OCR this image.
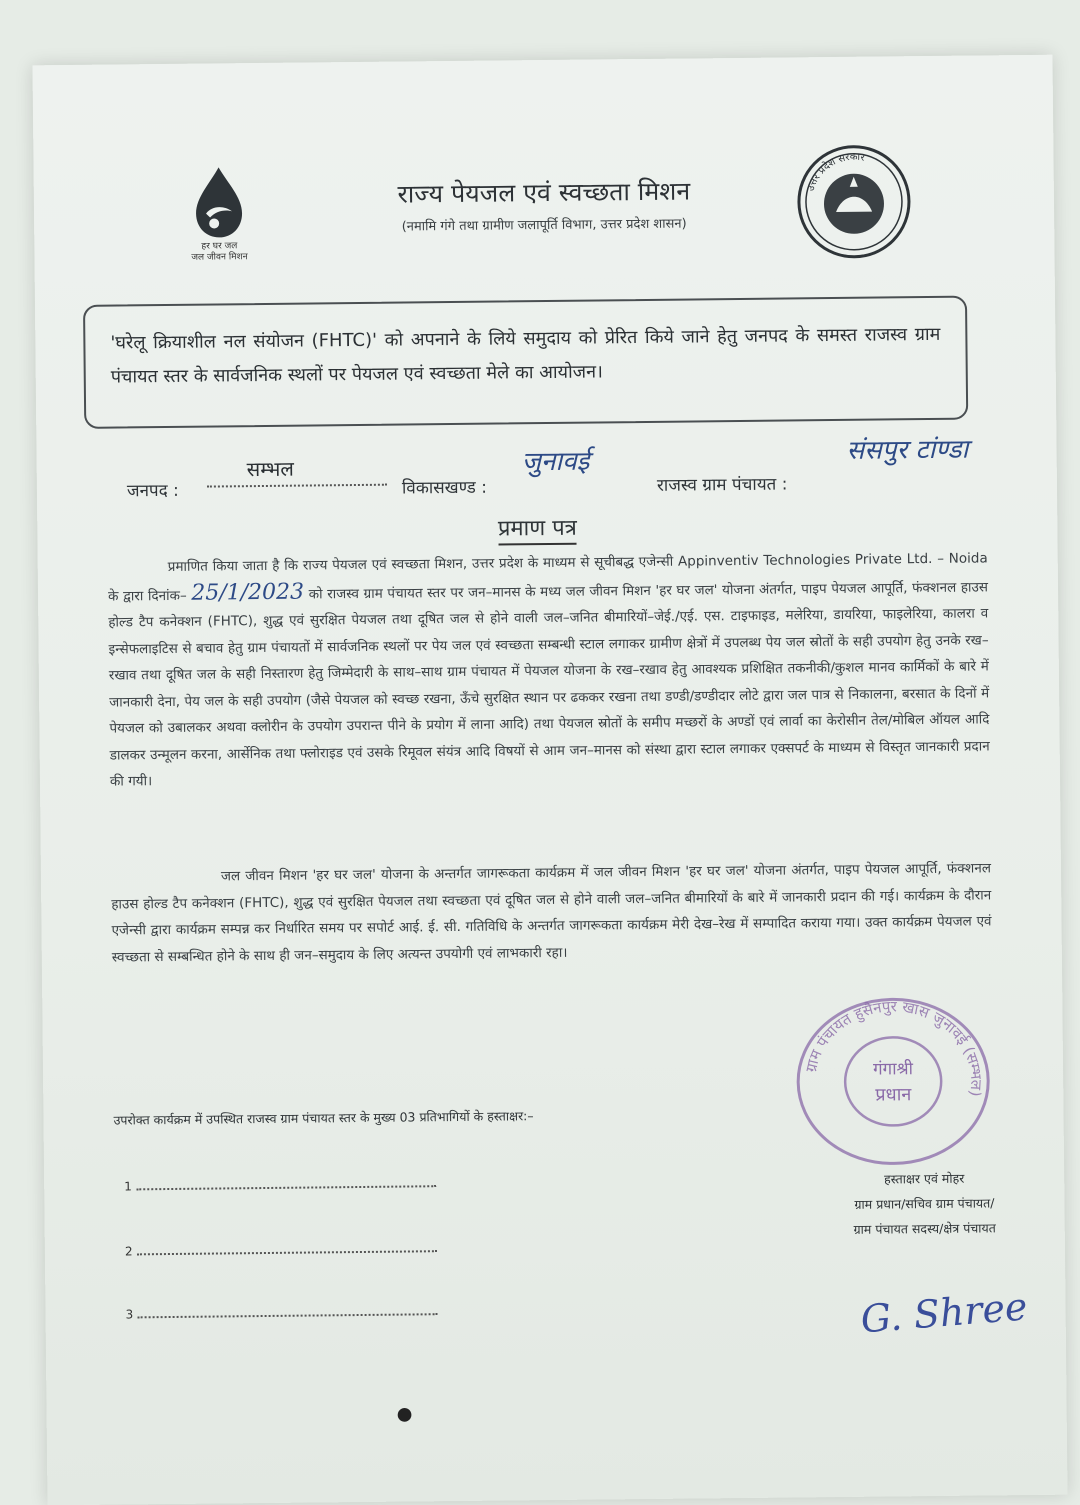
हर घर जल
जल जीवन मिशन
राज्य पेयजल एवं स्वच्छता मिशन
(नमामि गंगे तथा ग्रामीण जलापूर्ति विभाग, उत्तर प्रदेश शासन)
उत्तर प्रदेश सरकार
'घरेलू क्रियाशील नल संयोजन (FHTC)' को अपनाने के लिये समुदाय को प्रेरित किये जाने हेतु जनपद के समस्त राजस्व ग्राम पंचायत स्तर के सार्वजनिक स्थलों पर पेयजल एवं स्वच्छता मेले का आयोजन।
जनपद :
सम्भल
विकासखण्ड :
जुनावई
राजस्व ग्राम पंचायत :
संसपुर टांण्डा
प्रमाण पत्र
प्रमाणित किया जाता है कि राज्य पेयजल एवं स्वच्छता मिशन, उत्तर प्रदेश के माध्यम से सूचीबद्ध एजेन्सी Appinventiv Technologies Private Ltd. – Noida के द्वारा दिनांक– 25/1/2023 को राजस्व ग्राम पंचायत स्तर पर जन–मानस के मध्य जल जीवन मिशन 'हर घर जल' योजना अंतर्गत, पाइप पेयजल आपूर्ति, फंक्शनल हाउस होल्ड टैप कनेक्शन (FHTC), शुद्ध एवं सुरक्षित पेयजल तथा दूषित जल से होने वाली जल–जनित बीमारियों–जेई./एई. एस. टाइफाइड, मलेरिया, डायरिया, फाइलेरिया, कालरा व इन्सेफलाइटिस से बचाव हेतु ग्राम पंचायतों में सार्वजनिक स्थलों पर पेय जल एवं स्वच्छता सम्बन्धी स्टाल लगाकर ग्रामीण क्षेत्रों में उपलब्ध पेय जल स्रोतों के सही उपयोग हेतु उनके रख–रखाव तथा दूषित जल के सही निस्तारण हेतु जिम्मेदारी के साथ–साथ ग्राम पंचायत में पेयजल योजना के रख–रखाव हेतु आवश्यक प्रशिक्षित तकनीकी/कुशल मानव कार्मिकों के बारे में जानकारी देना, पेय जल के सही उपयोग (जैसे पेयजल को स्वच्छ रखना, ऊँचे सुरक्षित स्थान पर ढककर रखना तथा डण्डी/डण्डीदार लोटे द्वारा जल पात्र से निकालना, बरसात के दिनों में पेयजल को उबालकर अथवा क्लोरीन के उपयोग उपरान्त पीने के प्रयोग में लाना आदि) तथा पेयजल स्रोतों के समीप मच्छरों के अण्डों एवं लार्वा का केरोसीन तेल/मोबिल ऑयल आदि डालकर उन्मूलन करना, आर्सेनिक तथा फ्लोराइड एवं उसके रिमूवल संयंत्र आदि विषयों से आम जन–मानस को संस्था द्वारा स्टाल लगाकर एक्सपर्ट के माध्यम से विस्तृत जानकारी प्रदान की गयी।
जल जीवन मिशन 'हर घर जल' योजना के अन्तर्गत जागरूकता कार्यक्रम में जल जीवन मिशन 'हर घर जल' योजना अंतर्गत, पाइप पेयजल आपूर्ति, फंक्शनल हाउस होल्ड टैप कनेक्शन (FHTC), शुद्ध एवं सुरक्षित पेयजल तथा स्वच्छता एवं दूषित जल से होने वाली जल–जनित बीमारियों के बारे में जानकारी प्रदान की गई। कार्यक्रम के दौरान एजेन्सी द्वारा कार्यक्रम सम्पन्न कर निर्धारित समय पर सपोर्ट आई. ई. सी. गतिविधि के अन्तर्गत जागरूकता कार्यक्रम मेरी देख–रेख में सम्पादित कराया गया। उक्त कार्यक्रम पेयजल एवं स्वच्छता से सम्बन्धित होने के साथ ही जन–समुदाय के लिए अत्यन्त उपयोगी एवं लाभकारी रहा।
ग्राम पंचायत हुसैनपुर खास जुनावई (सम्भल)
गंगाश्री
प्रधान
उपरोक्त कार्यक्रम में उपस्थित राजस्व ग्राम पंचायत स्तर के मुख्य 03 प्रतिभागियों के हस्ताक्षर:–
1
2
3
हस्ताक्षर एवं मोहर
ग्राम प्रधान/सचिव ग्राम पंचायत/
ग्राम पंचायत सदस्य/क्षेत्र पंचायत
G. Shree
●
